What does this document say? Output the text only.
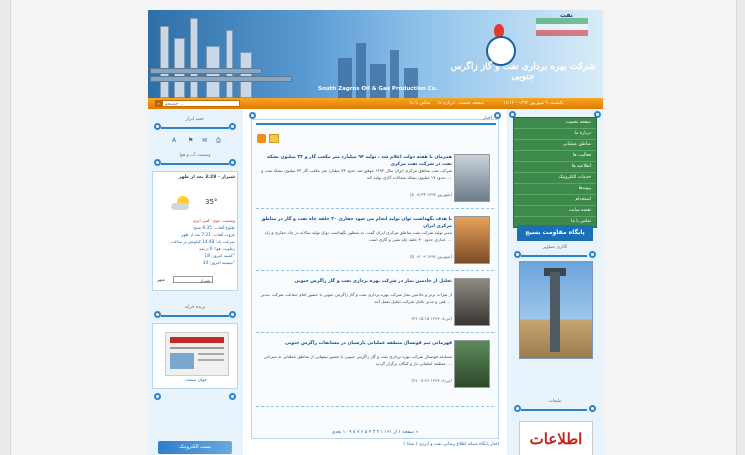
نفت
شرکت بهره برداری نفت و گاز زاگرس جنوبی
South Zagros Oil & Gas Production Co.
»	جستجو ...	صفحه نخست
درباره ما
تماس با ما	یکشنبه، ۹ شهریور ۱۳۹۳ - ۱۸:۱۲
جعبه ابزار
A ⚑ ✉ ⎙
وضعیت آب و هوا
شیراز - 3:29 بعد از ظهر
35°
وضعیت جوی: کمی ابری
طلوع آفتاب: 6:35 صبح
غروب آفتاب: 7:21 بعد از ظهر
سرعت باد: 14.48 کیلومتر بر ساعت
رطوبت هوا: 6 درصد
کمینه امروز: 18°
بیشینه امروز: 34°
شیراز
شهر
بریده جراید
جهان صنعت
پست الکترونیک
اخبار
همزمان با هفته دولت اعلام شد ، تولید ۹۴ میلیارد متر مکعب گاز و ۳۳ میلیون بشکه نفت در شرکت نفت مرکزی
شرکت نفت مناطق مرکزی ایران سال ۱۳۹۲ موفق شد حدود ۹۴ میلیارد متر مکعب گاز ۳۳ میلیون بشکه نفت و حدود ۱۷ میلیون بشکه میعانات گازی تولید کند. ...
(۵ شهریور ۱۳۹۳ ۰۸:۳۴)
با هدف نگهداشت توان تولید انجام می شود حفاری ۳۰ حلقه چاه نفت و گاز در مناطق مرکزی ایران
مدیر تولید شرکت نفت مناطق مرکزی ایران گفت: به منظور نگهداشت توان تولید سالانه در چاه حفاری و راه اندازی حدود ۳۰ حلقه چاه نفتی و گازی است. ...
(۵ شهریور ۱۳۹۳ ۰۸:۰۹)
تجلیل از خادمین نماز در شرکت بهره برداری نفت و گاز زاگرس جنوبی
از نفرات برتر و خادمین نماز شرکت بهره برداری نفت و گاز زاگرس جنوبی با حضور امام جماعت شرکت ،مدیر فنی و مدیر عامل شرکت تجلیل بعمل آمد. ...
(۲۹ مرداد ۱۳۹۳ ۱۵:۱۵)
قهرمانی تیم فوتسال منطقه عملیاتی پارسیان در مسابقات زاگرس جنوبی
مسابقه فوتسال شرکت بهره برداری نفت و گاز زاگرس جنوبی با حضور تیمهایی از مناطق عملیاتی به میزبانی منطقه عملیاتی نار و کنگان برگزار گردید. ...
(۲۹ مرداد ۱۳۹۳ ۰۸:۲۹)
صفحه ۱ از ۱۶۱ ۱ ۲ ۳ ۴ ۵ ۶ ۷ ۸ ۹ ۱۰ بعدی »
اخبار پایگاه شبکه اطلاع رسانی نفت و انرژی ( شانا )
صفحه نخست
درباره ما
مناطق عملیاتی
فعالیت ها
اطلاعیه ها
خدمات الکترونیک
پیوندها
استخدام
نقشه سایت
تماس با ما
پایگاه مقاومت بسیج
گالری تصاویر
تبلیغات
اطلاعات
